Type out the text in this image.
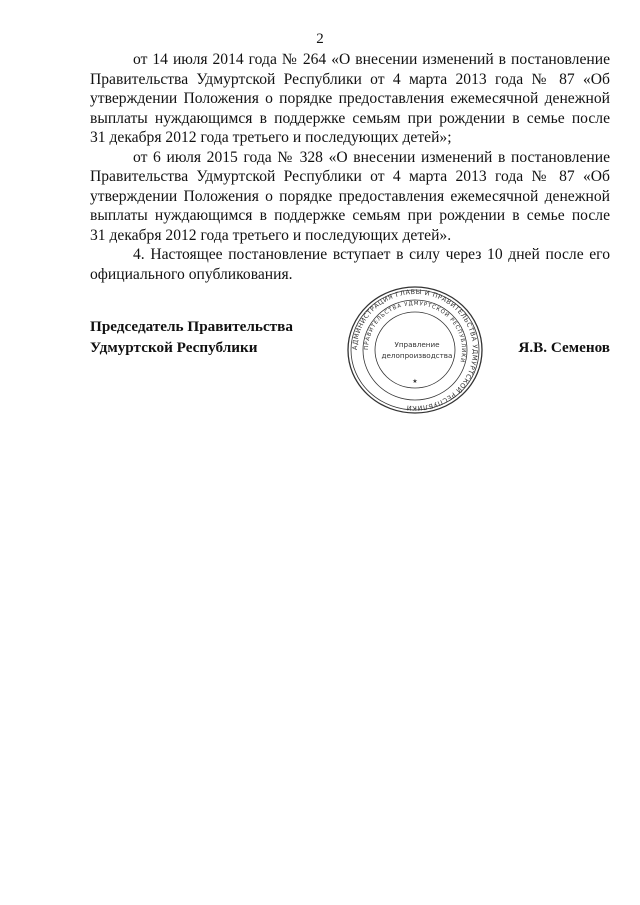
2
от 14 июля 2014 года № 264 «О внесении изменений в постановление
Правительства Удмуртской Республики от 4 марта 2013 года № 87 «Об
утверждении Положения о порядке предоставления ежемесячной денежной
выплаты нуждающимся в поддержке семьям при рождении в семье после
31 декабря 2012 года третьего и последующих детей»;
от 6 июля 2015 года № 328 «О внесении изменений в постановление
Правительства Удмуртской Республики от 4 марта 2013 года № 87 «Об
утверждении Положения о порядке предоставления ежемесячной денежной
выплаты нуждающимся в поддержке семьям при рождении в семье после
31 декабря 2012 года третьего и последующих детей».
4. Настоящее постановление вступает в силу через 10 дней после его
официального опубликования.
Председатель Правительства
Удмуртской Республики	Я.В. Семенов
АДМИНИСТРАЦИЯ ГЛАВЫ И ПРАВИТЕЛЬСТВА УДМУРТСКОЙ РЕСПУБЛИКИ
ПРАВИТЕЛЬСТВА УДМУРТСКОЙ РЕСПУБЛИКИ
Управление
делопроизводства
★
